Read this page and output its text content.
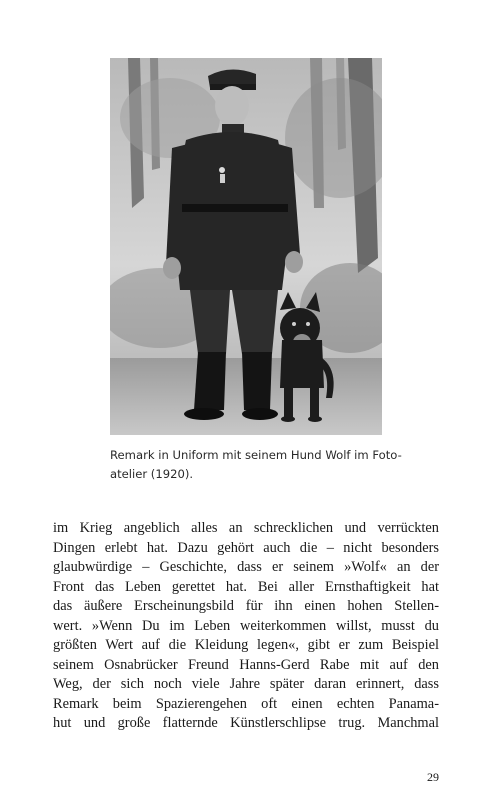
Remark in Uniform mit seinem Hund Wolf im Foto-
atelier (1920).
im Krieg angeblich alles an schrecklichen und verrückten
Dingen erlebt hat. Dazu gehört auch die – nicht besonders
glaubwürdige – Geschichte, dass er seinem »Wolf« an der
Front das Leben gerettet hat. Bei aller Ernsthaftigkeit hat
das äußere Erscheinungsbild für ihn einen hohen Stellen-
wert. »Wenn Du im Leben weiterkommen willst, musst du
größten Wert auf die Kleidung legen«, gibt er zum Beispiel
seinem Osnabrücker Freund Hanns-Gerd Rabe mit auf den
Weg, der sich noch viele Jahre später daran erinnert, dass
Remark beim Spazierengehen oft einen echten Panama-
hut und große flatternde Künstlerschlipse trug. Manchmal
29
